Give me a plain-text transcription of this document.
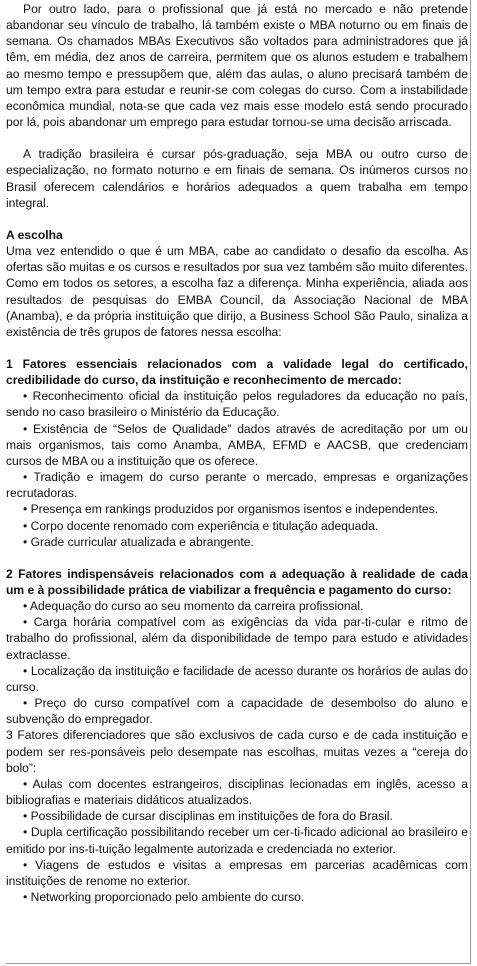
Por outro lado, para o profissional que já está no mercado e não pretende abandonar seu vínculo de trabalho, lá também existe o MBA noturno ou em finais de semana. Os chamados MBAs Executivos são voltados para administradores que já têm, em média, dez anos de carreira, permitem que os alunos estudem e trabalhem ao mesmo tempo e pressupõem que, além das aulas, o aluno precisará também de um tempo extra para estudar e reunir-se com colegas do curso. Com a instabilidade econômica mundial, nota-se que cada vez mais esse modelo está sendo procurado por lá, pois abandonar um emprego para estudar tornou-se uma decisão arriscada.

A tradição brasileira é cursar pós-graduação, seja MBA ou outro curso de especialização, no formato noturno e em finais de semana. Os inúmeros cursos no Brasil oferecem calendários e horários adequados a quem trabalha em tempo integral.

A escolha

Uma vez entendido o que é um MBA, cabe ao candidato o desafio da escolha. As ofertas são muitas e os cursos e resultados por sua vez também são muito diferentes. Como em todos os setores, a escolha faz a diferença. Minha experiência, aliada aos resultados de pesquisas do EMBA Council, da Associação Nacional de MBA (Anamba), e da própria instituição que dirijo, a Business School São Paulo, sinaliza a existência de três grupos de fatores nessa escolha:

1 Fatores essenciais relacionados com a validade legal do certificado, credibilidade do curso, da instituição e reconhecimento de mercado:

• Reconhecimento oficial da instituição pelos reguladores da educação no país, sendo no caso brasileiro o Ministério da Educação.

• Existência de “Selos de Qualidade” dados através de acreditação por um ou mais organismos, tais como Anamba, AMBA, EFMD e AACSB, que credenciam cursos de MBA ou a instituição que os oferece.

• Tradição e imagem do curso perante o mercado, empresas e organizações recrutadoras.

• Presença em rankings produzidos por organismos isentos e independentes.

• Corpo docente renomado com experiência e titulação adequada.

• Grade curricular atualizada e abrangente.

2 Fatores indispensáveis relacionados com a adequação à realidade de cada um e à possibilidade prática de viabilizar a frequência e pagamento do curso:

• Adequação do curso ao seu momento da carreira profissional.

• Carga horária compatível com as exigências da vida par-ti-cular e ritmo de trabalho do profissional, além da disponibilidade de tempo para estudo e atividades extraclasse.

• Localização da instituição e facilidade de acesso durante os horários de aulas do curso.

• Preço do curso compatível com a capacidade de desembolso do aluno e subvenção do empregador.

3 Fatores diferenciadores que são exclusivos de cada curso e de cada instituição e podem ser res-ponsáveis pelo desempate nas escolhas, muitas vezes a “cereja do bolo”:

• Aulas com docentes estrangeiros, disciplinas lecionadas em inglês, acesso a bibliografias e materiais didáticos atualizados.

• Possibilidade de cursar disciplinas em instituições de fora do Brasil.

• Dupla certificação possibilitando receber um cer-ti-ficado adicional ao brasileiro e emitido por ins-ti-tuição legalmente autorizada e credenciada no exterior.

• Viagens de estudos e visitas a empresas em parcerias acadêmicas com instituições de renome no exterior.

• Networking proporcionado pelo ambiente do curso.
